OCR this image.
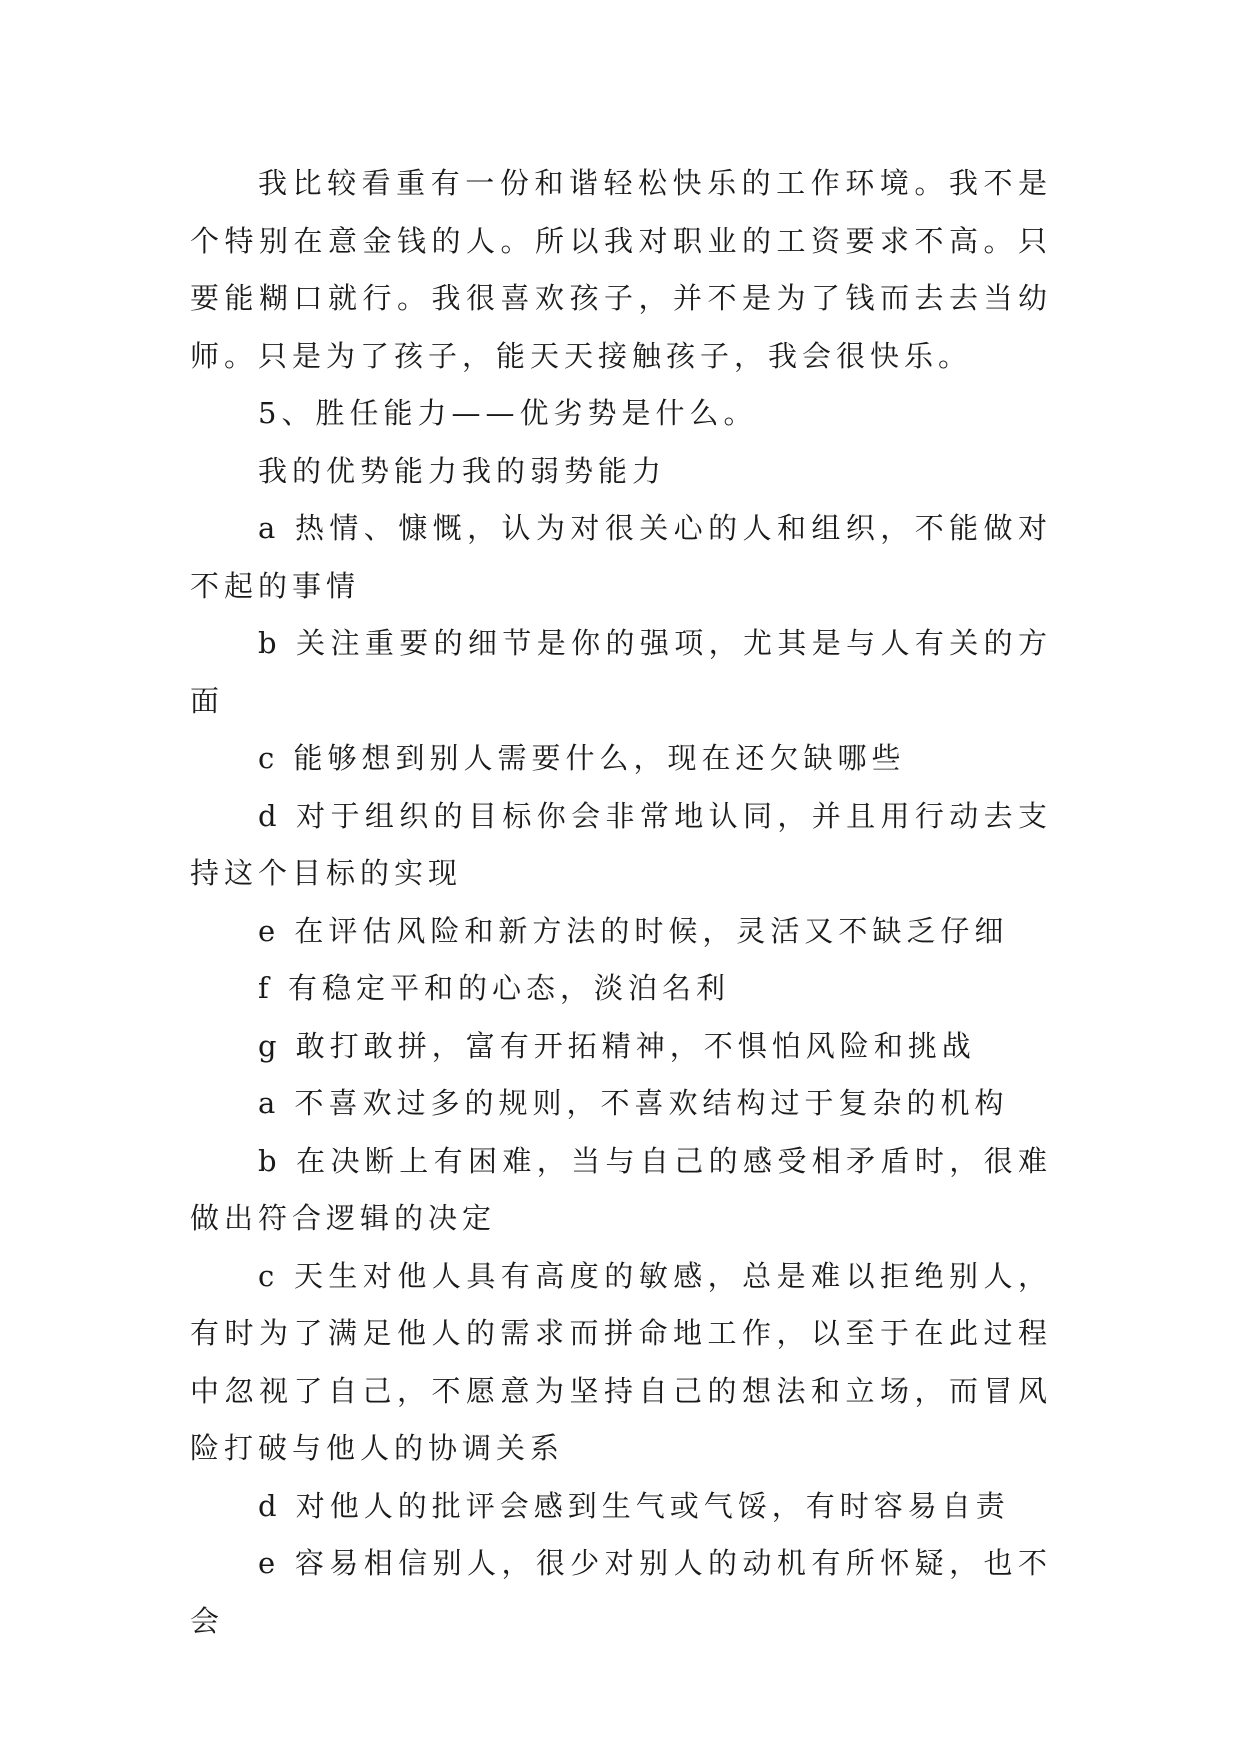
我比较看重有一份和谐轻松快乐的工作环境。我不是个特别在意金钱的人。所以我对职业的工资要求不高。只要能糊口就行。我很喜欢孩子，并不是为了钱而去去当幼师。只是为了孩子，能天天接触孩子，我会很快乐。

5、胜任能力——优劣势是什么。

我的优势能力我的弱势能力

a 热情、慷慨，认为对很关心的人和组织，不能做对不起的事情

b 关注重要的细节是你的强项，尤其是与人有关的方面

c 能够想到别人需要什么，现在还欠缺哪些

d 对于组织的目标你会非常地认同，并且用行动去支持这个目标的实现

e 在评估风险和新方法的时候，灵活又不缺乏仔细

f 有稳定平和的心态，淡泊名利

g 敢打敢拼，富有开拓精神，不惧怕风险和挑战

a 不喜欢过多的规则，不喜欢结构过于复杂的机构

b 在决断上有困难，当与自己的感受相矛盾时，很难做出符合逻辑的决定

c 天生对他人具有高度的敏感，总是难以拒绝别人，有时为了满足他人的需求而拼命地工作，以至于在此过程中忽视了自己，不愿意为坚持自己的想法和立场，而冒风险打破与他人的协调关系

d 对他人的批评会感到生气或气馁，有时容易自责

e 容易相信别人，很少对别人的动机有所怀疑，也不会
